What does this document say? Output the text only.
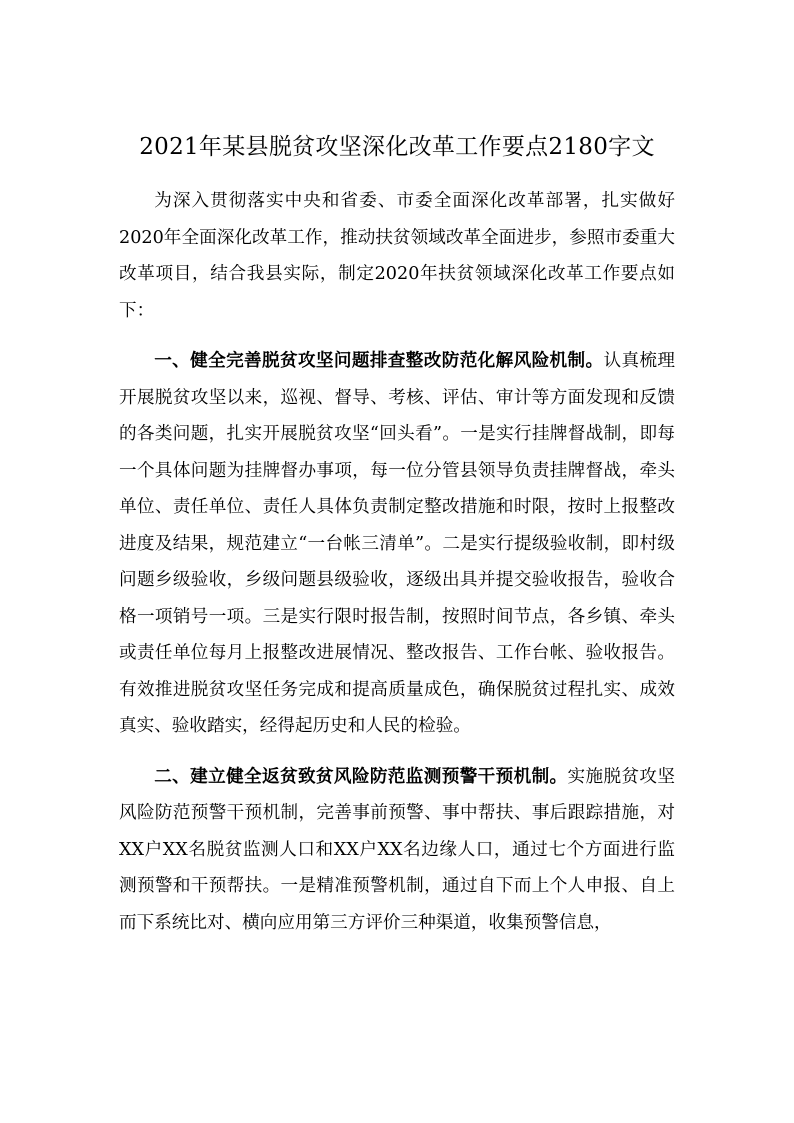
2021年某县脱贫攻坚深化改革工作要点2180字文

为深入贯彻落实中央和省委、市委全面深化改革部署，扎实做好2020年全面深化改革工作，推动扶贫领域改革全面进步，参照市委重大改革项目，结合我县实际，制定2020年扶贫领域深化改革工作要点如下：

一、健全完善脱贫攻坚问题排查整改防范化解风险机制。认真梳理开展脱贫攻坚以来，巡视、督导、考核、评估、审计等方面发现和反馈的各类问题，扎实开展脱贫攻坚“回头看”。一是实行挂牌督战制，即每一个具体问题为挂牌督办事项，每一位分管县领导负责挂牌督战，牵头单位、责任单位、责任人具体负责制定整改措施和时限，按时上报整改进度及结果，规范建立“一台帐三清单”。二是实行提级验收制，即村级问题乡级验收，乡级问题县级验收，逐级出具并提交验收报告，验收合格一项销号一项。三是实行限时报告制，按照时间节点，各乡镇、牵头或责任单位每月上报整改进展情况、整改报告、工作台帐、验收报告。有效推进脱贫攻坚任务完成和提高质量成色，确保脱贫过程扎实、成效真实、验收踏实，经得起历史和人民的检验。

二、建立健全返贫致贫风险防范监测预警干预机制。实施脱贫攻坚风险防范预警干预机制，完善事前预警、事中帮扶、事后跟踪措施，对XX户XX名脱贫监测人口和XX户XX名边缘人口，通过七个方面进行监测预警和干预帮扶。一是精准预警机制，通过自下而上个人申报、自上而下系统比对、横向应用第三方评价三种渠道，收集预警信息，
